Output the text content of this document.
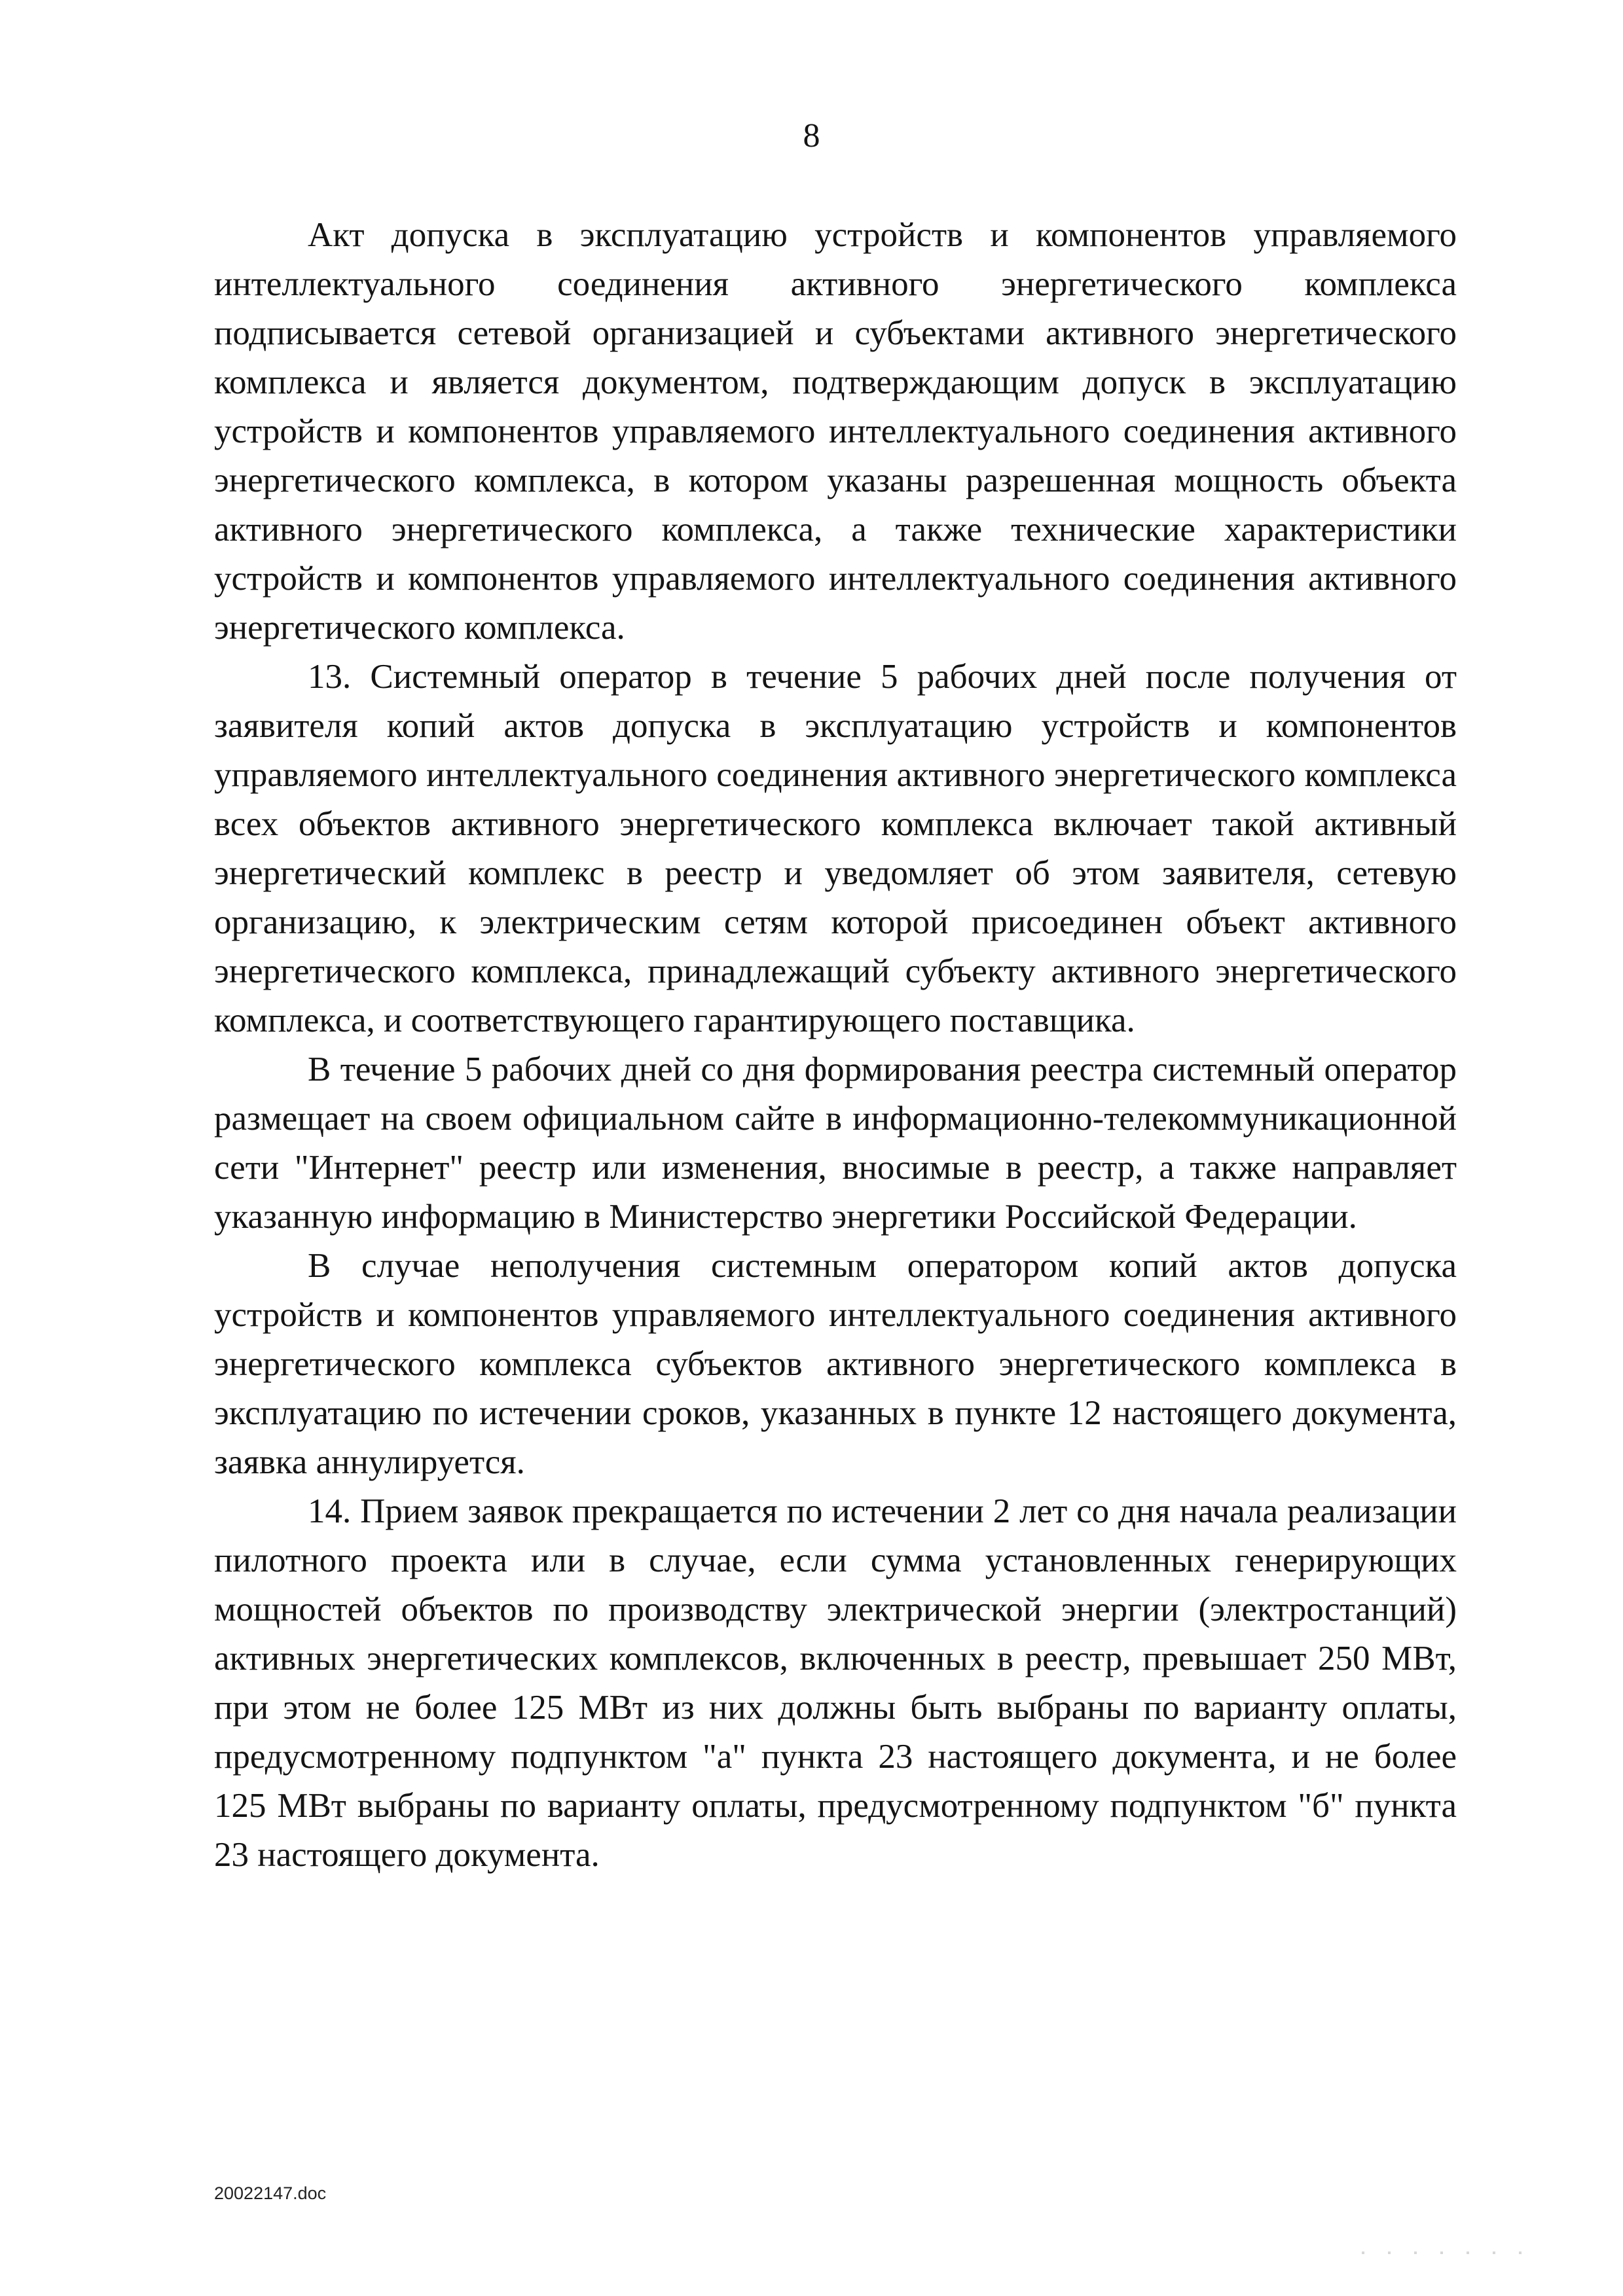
8

Акт допуска в эксплуатацию устройств и компонентов управляемого интеллектуального соединения активного энергетического комплекса подписывается сетевой организацией и субъектами активного энергетического комплекса и является документом, подтверждающим допуск в эксплуатацию устройств и компонентов управляемого интеллектуального соединения активного энергетического комплекса, в котором указаны разрешенная мощность объекта активного энергетического комплекса, а также технические характеристики устройств и компонентов управляемого интеллектуального соединения активного энергетического комплекса.

13. Системный оператор в течение 5 рабочих дней после получения от заявителя копий актов допуска в эксплуатацию устройств и компонентов управляемого интеллектуального соединения активного энергетического комплекса всех объектов активного энергетического комплекса включает такой активный энергетический комплекс в реестр и уведомляет об этом заявителя, сетевую организацию, к электрическим сетям которой присоединен объект активного энергетического комплекса, принадлежащий субъекту активного энергетического комплекса, и соответствующего гарантирующего поставщика.

В течение 5 рабочих дней со дня формирования реестра системный оператор размещает на своем официальном сайте в информационно-телекоммуникационной сети "Интернет" реестр или изменения, вносимые в реестр, а также направляет указанную информацию в Министерство энергетики Российской Федерации.

В случае неполучения системным оператором копий актов допуска устройств и компонентов управляемого интеллектуального соединения активного энергетического комплекса субъектов активного энергетического комплекса в эксплуатацию по истечении сроков, указанных в пункте 12 настоящего документа, заявка аннулируется.

14. Прием заявок прекращается по истечении 2 лет со дня начала реализации пилотного проекта или в случае, если сумма установленных генерирующих мощностей объектов по производству электрической энергии (электростанций) активных энергетических комплексов, включенных в реестр, превышает 250 МВт, при этом не более 125 МВт из них должны быть выбраны по варианту оплаты, предусмотренному подпунктом "а" пункта 23 настоящего документа, и не более 125 МВт выбраны по варианту оплаты, предусмотренному подпунктом "б" пункта 23 настоящего документа.

20022147.doc
